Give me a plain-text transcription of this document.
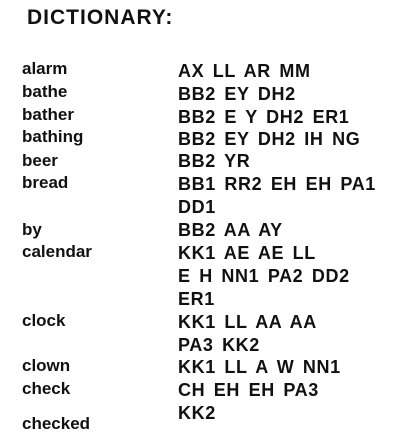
DICTIONARY:
alarm	AX LL AR MM
bathe	BB2 EY DH2
bather	BB2 E Y DH2 ER1
bathing	BB2 EY DH2 IH NG
beer	BB2 YR
bread	BB1 RR2 EH EH PA1
DD1
by	BB2 AA AY
calendar	KK1 AE AE LL
E H NN1 PA2 DD2
ER1
clock	KK1 LL AA AA
PA3 KK2
clown	KK1 LL A W NN1
check	CH EH EH PA3
KK2
checked
